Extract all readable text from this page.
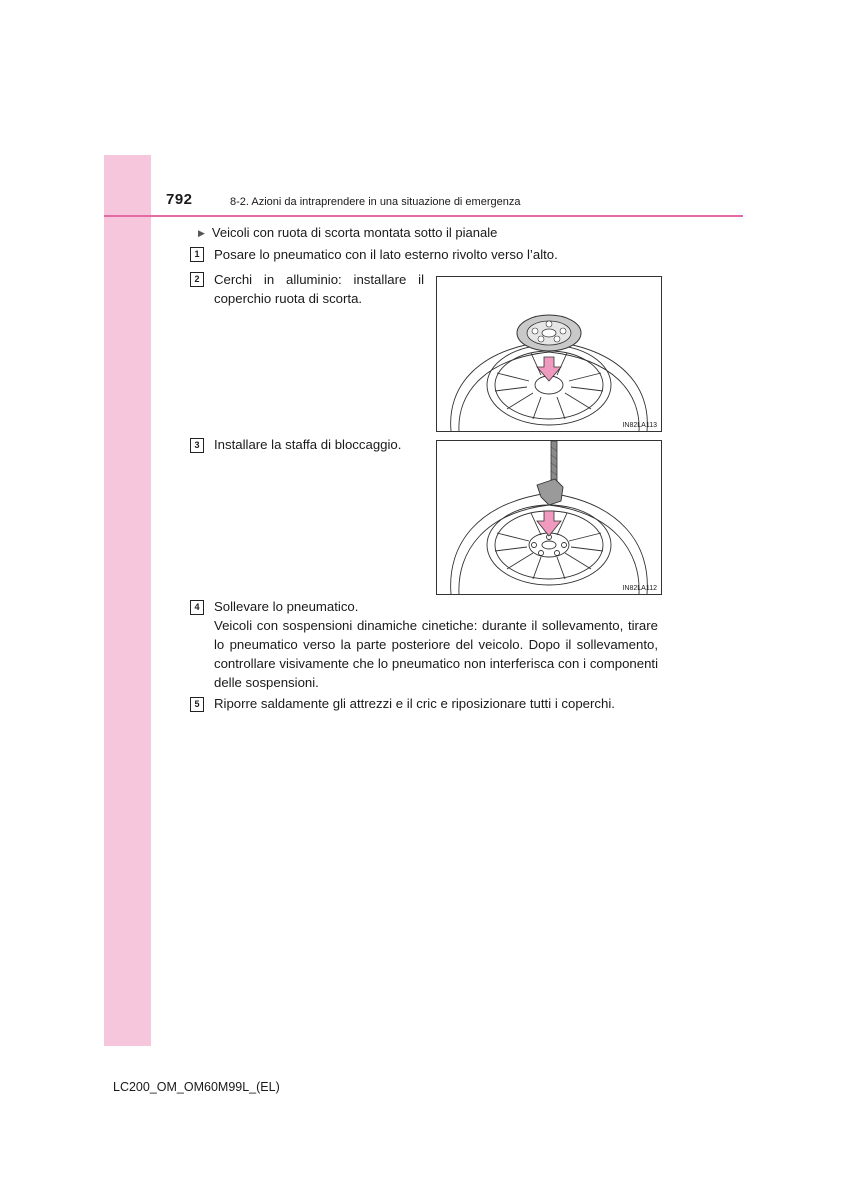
792	8-2. Azioni da intraprendere in una situazione di emergenza
▶ Veicoli con ruota di scorta montata sotto il pianale
1	Posare lo pneumatico con il lato esterno rivolto verso l’alto.
2	Cerchi in alluminio: installare il coperchio ruota di scorta.
IN82LA113
3	Installare la staffa di bloccaggio.
IN82LA112
4	Sollevare lo pneumatico.
Veicoli con sospensioni dinamiche cinetiche: durante il sollevamento, tirare lo pneumatico verso la parte posteriore del veicolo. Dopo il sollevamento, controllare visivamente che lo pneumatico non interferisca con i componenti delle sospensioni.
5	Riporre saldamente gli attrezzi e il cric e riposizionare tutti i coperchi.
LC200_OM_OM60M99L_(EL)
